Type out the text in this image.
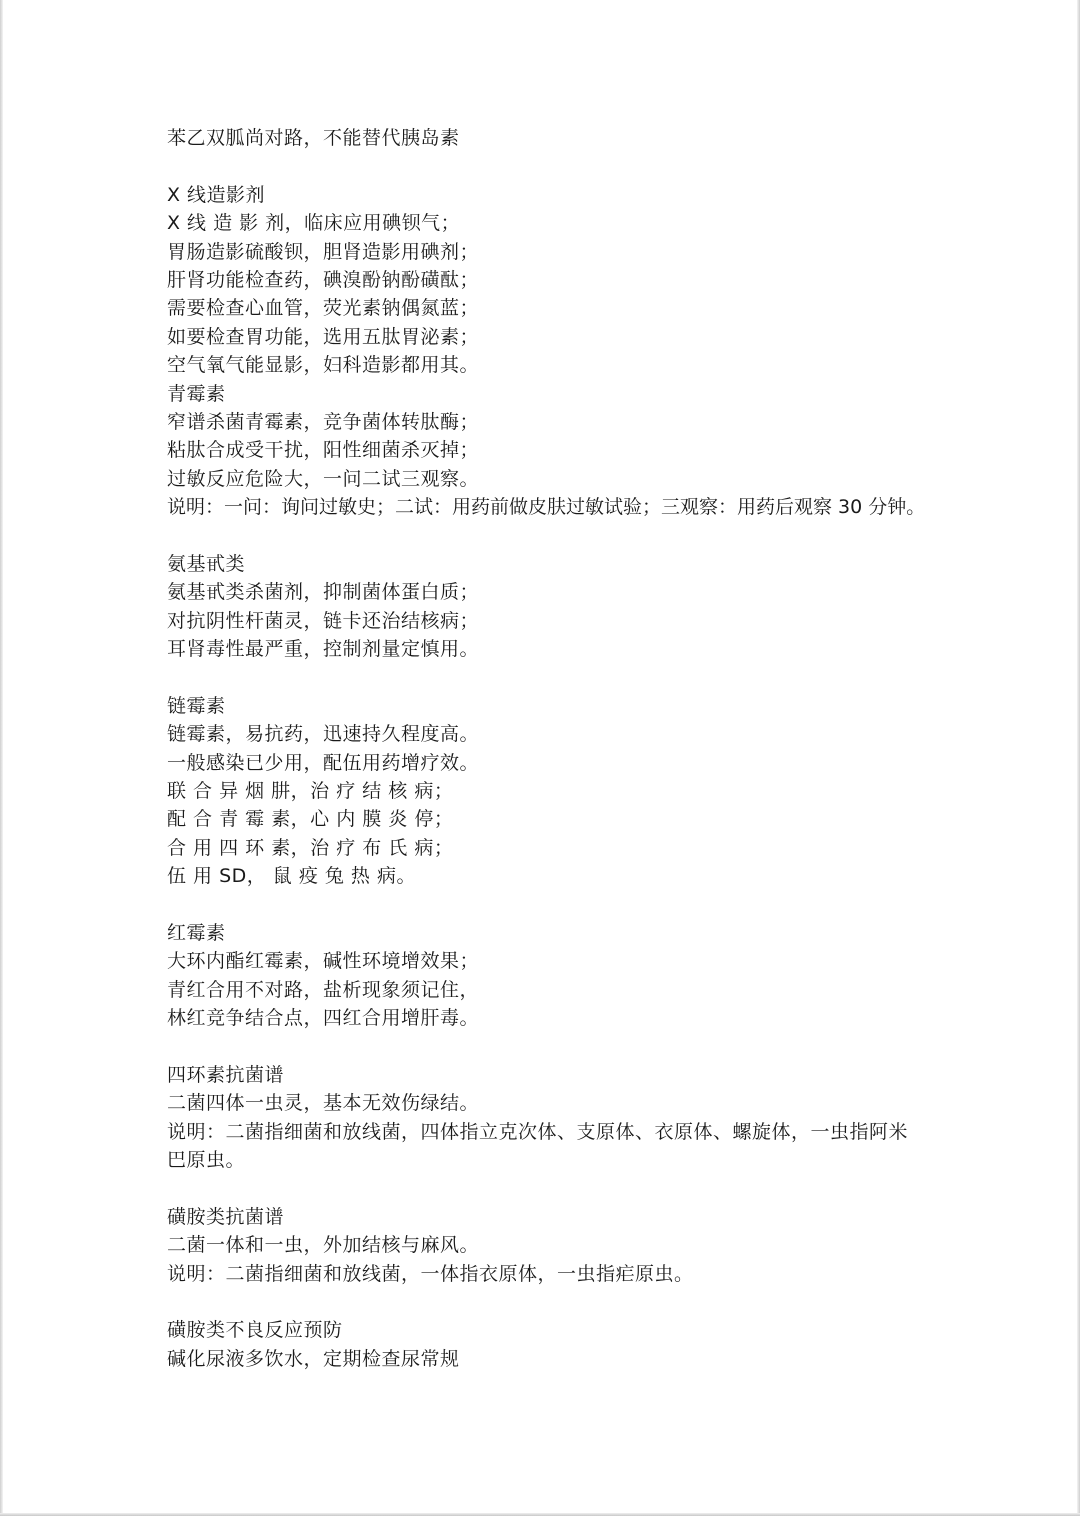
苯乙双胍尚对路，不能替代胰岛素
X 线造影剂
X 线 造 影 剂，临床应用碘钡气；
胃肠造影硫酸钡，胆肾造影用碘剂；
肝肾功能检查药，碘溴酚钠酚磺酞；
需要检查心血管，荧光素钠偶氮蓝；
如要检查胃功能，选用五肽胃泌素；
空气氧气能显影，妇科造影都用其。
青霉素
窄谱杀菌青霉素，竞争菌体转肽酶；
粘肽合成受干扰，阳性细菌杀灭掉；
过敏反应危险大，一问二试三观察。
说明：一问：询问过敏史；二试：用药前做皮肤过敏试验；三观察：用药后观察 30 分钟。
氨基甙类
氨基甙类杀菌剂，抑制菌体蛋白质；
对抗阴性杆菌灵，链卡还治结核病；
耳肾毒性最严重，控制剂量定慎用。
链霉素
链霉素，易抗药，迅速持久程度高。
一般感染已少用，配伍用药增疗效。
联 合 异 烟 肼，治 疗 结 核 病；
配 合 青 霉 素，心 内 膜 炎 停；
合 用 四 环 素，治 疗 布 氏 病；
伍 用 SD， 鼠 疫 兔 热 病。
红霉素
大环内酯红霉素，碱性环境增效果；
青红合用不对路，盐析现象须记住，
林红竞争结合点，四红合用增肝毒。
四环素抗菌谱
二菌四体一虫灵，基本无效伤绿结。
说明：二菌指细菌和放线菌，四体指立克次体、支原体、衣原体、螺旋体，一虫指阿米巴原虫。
磺胺类抗菌谱
二菌一体和一虫，外加结核与麻风。
说明：二菌指细菌和放线菌，一体指衣原体，一虫指疟原虫。
磺胺类不良反应预防
碱化尿液多饮水，定期检查尿常规
